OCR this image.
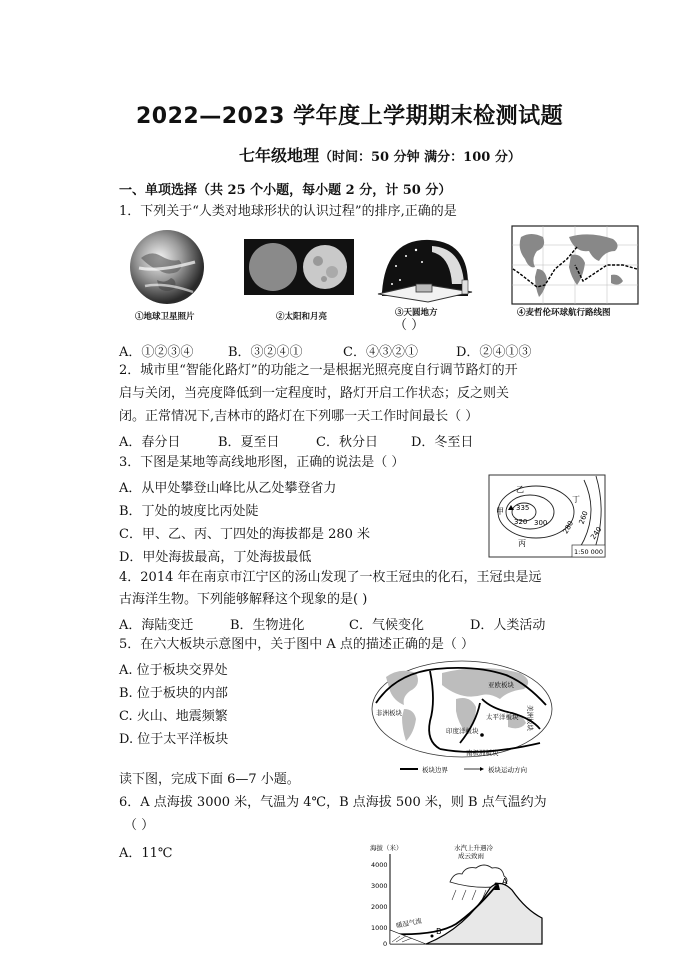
2022—2023 学年度上学期期末检测试题
七年级地理（时间：50 分钟 满分：100 分）
一、单项选择（共 25 个小题，每小题 2 分，计 50 分）
1．下列关于“人类对地球形状的认识过程”的排序,正确的是
①地球卫星照片	②太阳和月亮	③天圆地方
（ ）
④麦哲伦环球航行路线图
A．①②③④	B．③②④①	C．④③②①	D．②④①③
2．城市里“智能化路灯”的功能之一是根据光照亮度自行调节路灯的开
启与关闭，当亮度降低到一定程度时，路灯开启工作状态；反之则关
闭。正常情况下,吉林市的路灯在下列哪一天工作时间最长（ ）
A．春分日	B．夏至日	C．秋分日	D．冬至日
3．下图是某地等高线地形图，正确的说法是（ ）
A．从甲处攀登山峰比从乙处攀登省力
B．丁处的坡度比丙处陡
C．甲、乙、丙、丁四处的海拔都是 280 米
D．甲处海拔最高，丁处海拔最低
335
320 300 280
260
240
乙
甲
丙
丁
1:50 000
4．2014 年在南京市江宁区的汤山发现了一枚王冠虫的化石，王冠虫是远
古海洋生物。下列能够解释这个现象的是( )
A．海陆变迁	B．生物进化	C．气候变化	D．人类活动
5．在六大板块示意图中，关于图中 A 点的描述正确的是（ ）
A. 位于板块交界处
B. 位于板块的内部
C. 火山、地震频繁
D. 位于太平洋板块
亚欧板块
美洲板块
非洲板块
印度洋板块
太平洋板块
南极洲板块
板块边界	板块运动方向
读下图，完成下面 6—7 小题。
6．A 点海拔 3000 米，气温为 4℃，B 点海拔 500 米，则 B 点气温约为
（ ）
A．11℃	海拔（米）
4000
3000
2000
1000
0
水汽上升遇冷
成云致雨
暖湿气流
A
B
